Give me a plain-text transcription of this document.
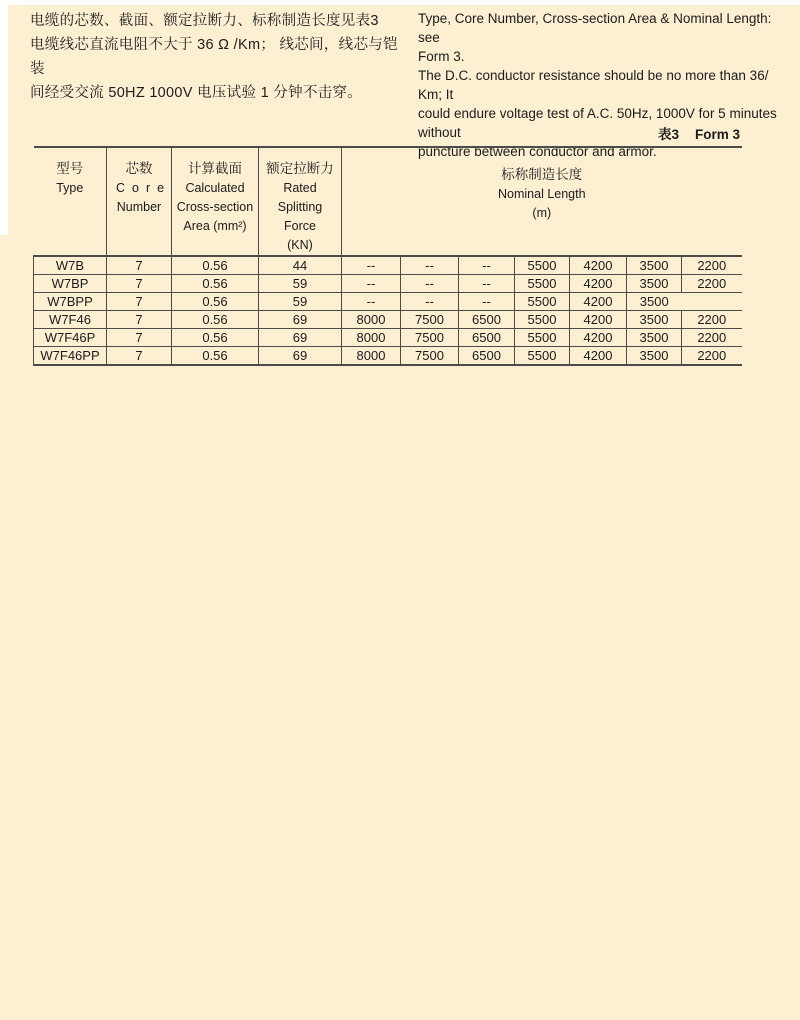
电缆的芯数、截面、额定拉断力、标称制造长度见表3
电缆线芯直流电阻不大于 36 Ω /Km； 线芯间，线芯与铠装
间经受交流 50HZ 1000V 电压试验 1 分钟不击穿。
Type, Core Number, Cross-section Area & Nominal Length: see
Form 3.
The D.C. conductor resistance should be no more than 36/ Km; It
could endure voltage test of A.C. 50Hz, 1000V for 5 minutes without
puncture between conductor and armor.
表3 Form 3
型号
Type

芯数
Core
Number

计算截面
Calculated
Cross-section
Area (mm²)

额定拉断力
Rated
Splitting
Force
(KN)

标称制造长度
Nominal Length
(m)

W7B	7	0.56	44	--	--	--	5500	4200	3500	2200
W7BP	7	0.56	59	--	--	--	5500	4200	3500	2200
W7BPP	7	0.56	59	--	--	--	5500	4200	3500	
W7F46	7	0.56	69	8000	7500	6500	5500	4200	3500	2200
W7F46P	7	0.56	69	8000	7500	6500	5500	4200	3500	2200
W7F46PP	7	0.56	69	8000	7500	6500	5500	4200	3500	2200
